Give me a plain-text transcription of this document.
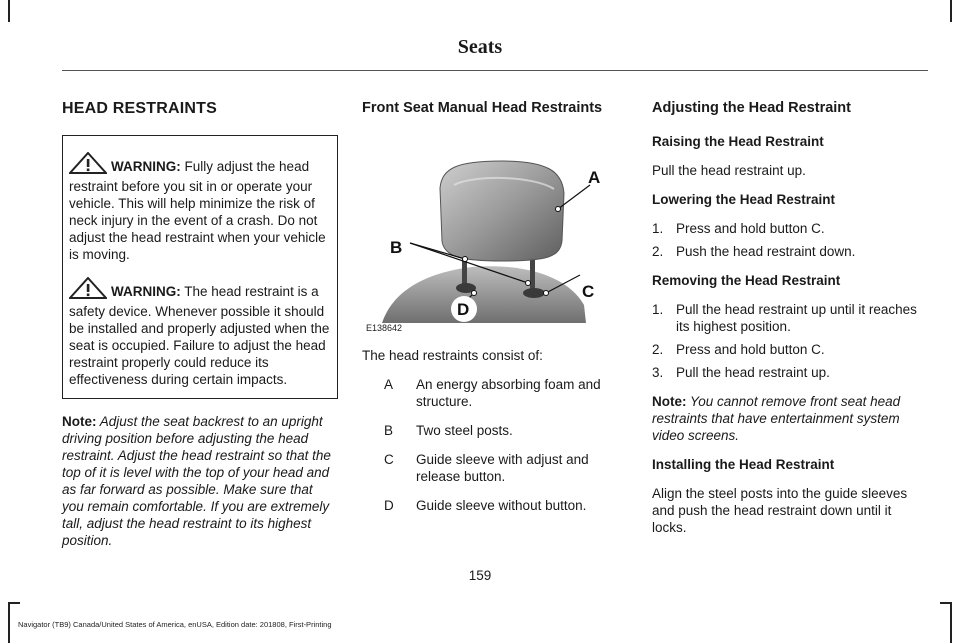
Seats
HEAD RESTRAINTS
WARNING: Fully adjust the head restraint before you sit in or operate your vehicle. This will help minimize the risk of neck injury in the event of a crash. Do not adjust the head restraint when your vehicle is moving.
WARNING: The head restraint is a safety device. Whenever possible it should be installed and properly adjusted when the seat is occupied. Failure to adjust the head restraint properly could reduce its effectiveness during certain impacts.
Note: Adjust the seat backrest to an upright driving position before adjusting the head restraint. Adjust the head restraint so that the top of it is level with the top of your head and as far forward as possible. Make sure that you remain comfortable. If you are extremely tall, adjust the head restraint to its highest position.
Front Seat Manual Head Restraints
A
B
C
D
E138642

The head restraints consist of:

A	An energy absorbing foam and structure.
B	Two steel posts.
C	Guide sleeve with adjust and release button.
D	Guide sleeve without button.
Adjusting the Head Restraint

Raising the Head Restraint

Pull the head restraint up.

Lowering the Head Restraint

1. Press and hold button C.
2. Push the head restraint down.

Removing the Head Restraint

1. Pull the head restraint up until it reaches its highest position.
2. Press and hold button C.
3. Pull the head restraint up.

Note: You cannot remove front seat head restraints that have entertainment system video screens.

Installing the Head Restraint

Align the steel posts into the guide sleeves and push the head restraint down until it locks.

159
Navigator (TB9) Canada/United States of America, enUSA, Edition date: 201808, First-Printing
